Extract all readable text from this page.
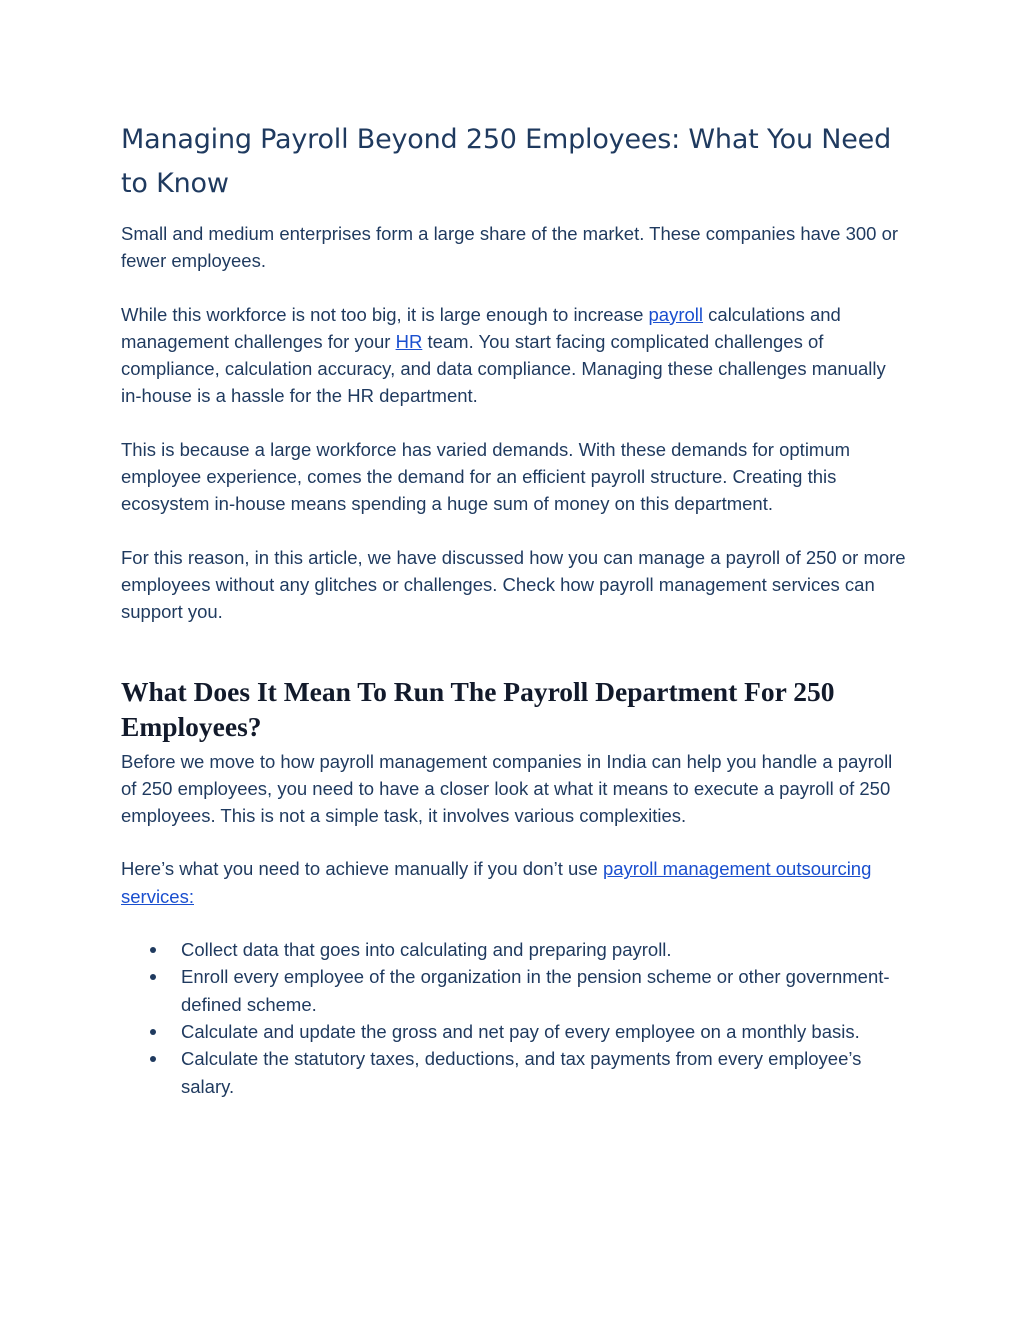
Managing Payroll Beyond 250 Employees: What You Need to Know

Small and medium enterprises form a large share of the market. These companies have 300 or fewer employees.

While this workforce is not too big, it is large enough to increase payroll calculations and management challenges for your HR team. You start facing complicated challenges of compliance, calculation accuracy, and data compliance. Managing these challenges manually in-house is a hassle for the HR department.

This is because a large workforce has varied demands. With these demands for optimum employee experience, comes the demand for an efficient payroll structure. Creating this ecosystem in-house means spending a huge sum of money on this department.

For this reason, in this article, we have discussed how you can manage a payroll of 250 or more employees without any glitches or challenges. Check how payroll management services can support you.

What Does It Mean To Run The Payroll Department For 250 Employees?

Before we move to how payroll management companies in India can help you handle a payroll of 250 employees, you need to have a closer look at what it means to execute a payroll of 250 employees. This is not a simple task, it involves various complexities.

Here’s what you need to achieve manually if you don’t use payroll management outsourcing services:

Collect data that goes into calculating and preparing payroll.
Enroll every employee of the organization in the pension scheme or other government-defined scheme.
Calculate and update the gross and net pay of every employee on a monthly basis.
Calculate the statutory taxes, deductions, and tax payments from every employee’s salary.
